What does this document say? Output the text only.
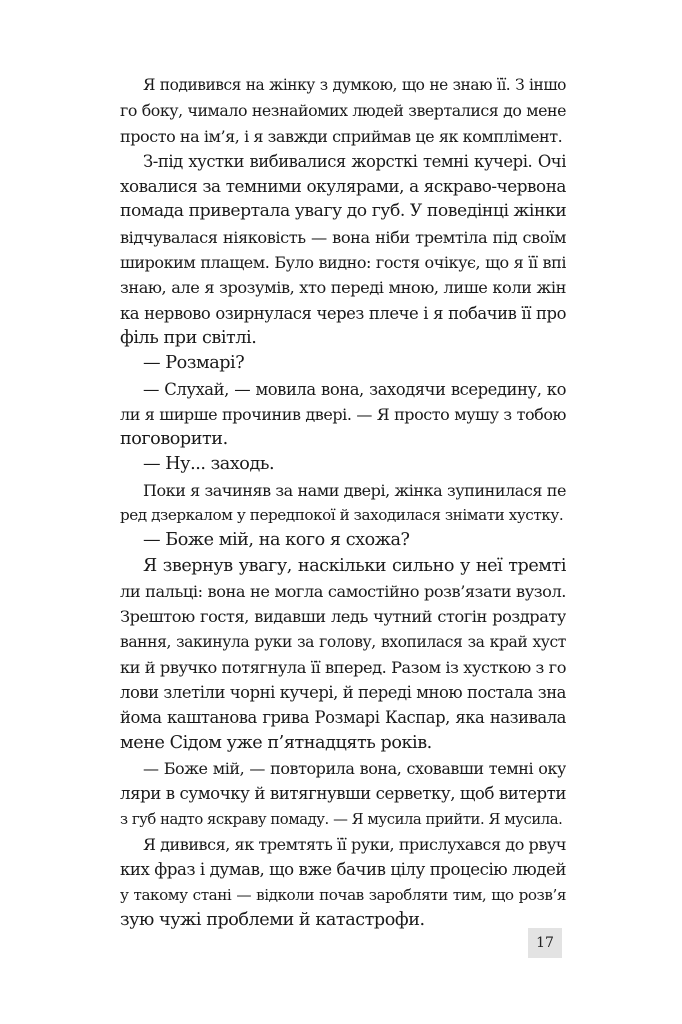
Я подивився на жінку з думкою, що не знаю її. З іншо
го боку, чимало незнайомих людей зверталися до мене
просто на ім’я, і я завжди сприймав це як комплімент.
З-під хустки вибивалися жорсткі темні кучері. Очі
ховалися за темними окулярами, а яскраво-червона
помада привертала увагу до губ. У поведінці жінки
відчувалася ніяковість — вона ніби тремтіла під своїм
широким плащем. Було видно: гостя очікує, що я її впі
знаю, але я зрозумів, хто переді мною, лише коли жін
ка нервово озирнулася через плече і я побачив її про
філь при світлі.
— Розмарі?
— Слухай, — мовила вона, заходячи всередину, ко
ли я ширше прочинив двері. — Я просто мушу з тобою
поговорити.
— Ну... заходь.
Поки я зачиняв за нами двері, жінка зупинилася пе
ред дзеркалом у передпокої й заходилася знімати хустку.
— Боже мій, на кого я схожа?
Я звернув увагу, наскільки сильно у неї тремті
ли пальці: вона не могла самостійно розв’язати вузол.
Зрештою гостя, видавши ледь чутний стогін роздрату
вання, закинула руки за голову, вхопилася за край хуст
ки й рвучко потягнула її вперед. Разом із хусткою з го
лови злетіли чорні кучері, й переді мною постала зна
йома каштанова грива Розмарі Каспар, яка називала
мене Сідом уже п’ятнадцять років.
— Боже мій, — повторила вона, сховавши темні оку
ляри в сумочку й витягнувши серветку, щоб витерти
з губ надто яскраву помаду. — Я мусила прийти. Я мусила.
Я дивився, як тремтять її руки, прислухався до рвуч
ких фраз і думав, що вже бачив цілу процесію людей
у такому стані — відколи почав заробляти тим, що розв’я
зую чужі проблеми й катастрофи.
17
